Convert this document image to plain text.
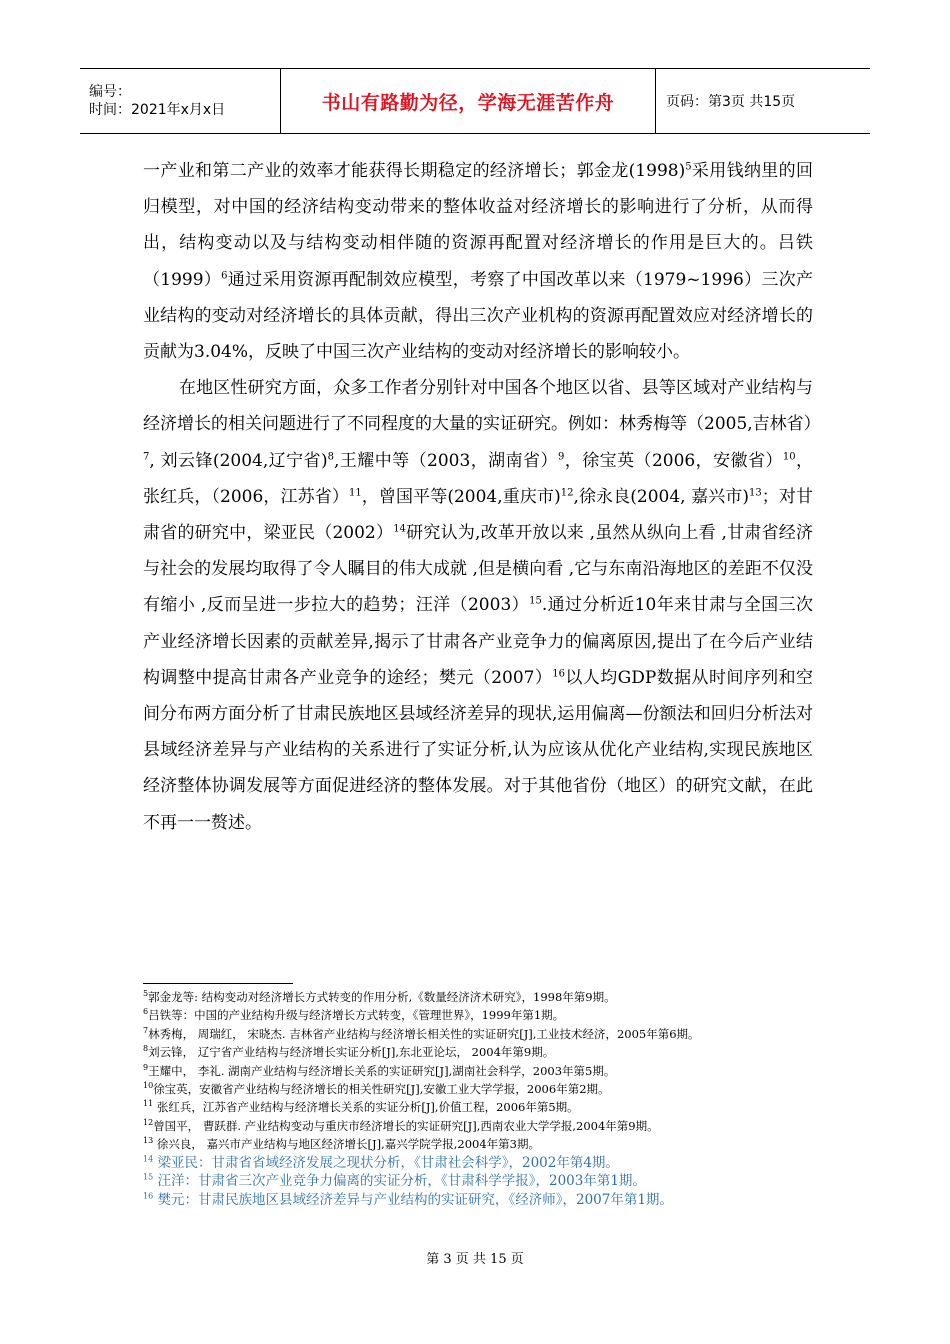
编号：
时间：2021年x月x日	书山有路勤为径，学海无涯苦作舟	页码：第3页 共15页

一产业和第二产业的效率才能获得长期稳定的经济增长；郭金龙$(1998)^5$采用钱纳里的回归模型，对中国的经济结构变动带来的整体收益对经济增长的影响进行了分析，从而得出，结构变动以及与结构变动相伴随的资源再配置对经济增长的作用是巨大的。吕铁$(1999)^6$通过采用资源再配制效应模型，考察了中国改革以来（1979~1996）三次产业结构的变动对经济增长的具体贡献，得出三次产业机构的资源再配置效应对经济增长的贡献为3.04%，反映了中国三次产业结构的变动对经济增长的影响较小。

在地区性研究方面，众多工作者分别针对中国各个地区以省、县等区域对产业结构与经济增长的相关问题进行了不同程度的大量的实证研究。例如：林秀梅等（2005,吉林省）$^7$, 刘云锋(2004,辽宁省)$^8$,王耀中等（2003，湖南省）$^9$，徐宝英（2006，安徽省）$^{10}$，张红兵，（2006，江苏省）$^{11}$，曾国平等(2004,重庆市)$^{12}$,徐永良(2004, 嘉兴市)$^{13}$；对甘肃省的研究中，梁亚民$(2002)^{14}$研究认为,改革开放以来 ,虽然从纵向上看 ,甘肃省经济与社会的发展均取得了令人瞩目的伟大成就 ,但是横向看 ,它与东南沿海地区的差距不仅没有缩小 ,反而呈进一步拉大的趋势；汪洋$(2003)^{15}$.通过分析近10年来甘肃与全国三次产业经济增长因素的贡献差异,揭示了甘肃各产业竞争力的偏离原因,提出了在今后产业结构调整中提高甘肃各产业竞争的途经；樊元$(2007)^{16}$以人均GDP数据从时间序列和空间分布两方面分析了甘肃民族地区县域经济差异的现状,运用偏离—份额法和回归分析法对县域经济差异与产业结构的关系进行了实证分析,认为应该从优化产业结构,实现民族地区经济整体协调发展等方面促进经济的整体发展。对于其他省份（地区）的研究文献，在此不再一一赘述。

$^5$郭金龙等: 结构变动对经济增长方式转变的作用分析,《数量经济济术研究》，1998年第9期。

$^6$吕铁等：中国的产业结构升级与经济增长方式转变，《管理世界》，1999年第1期。

$^7$林秀梅， 周瑞红， 宋晓杰. 吉林省产业结构与经济增长相关性的实证研究[J],工业技术经济，2005年第6期。

$^8$刘云锋， 辽宁省产业结构与经济增长实证分析[J],东北亚论坛， 2004年第9期。

$^9$王耀中， 李礼. 湖南产业结构与经济增长关系的实证研究[J],湖南社会科学，2003年第5期。

$^{10}$徐宝英，安徽省产业结构与经济增长的相关性研究[J],安徽工业大学学报，2006年第2期。

$^{11}$ 张红兵，江苏省产业结构与经济增长关系的实证分析[J],价值工程，2006年第5期。

$^{12}$曾国平， 曹跃群. 产业结构变动与重庆市经济增长的实证研究[J],西南农业大学学报,2004年第9期。

$^{13}$ 徐兴良， 嘉兴市产业结构与地区经济增长[J],嘉兴学院学报,2004年第3期。

$^{14}$ 梁亚民：甘肃省省域经济发展之现状分析，《甘肃社会科学》，2002年第4期。

$^{15}$ 汪洋：甘肃省三次产业竞争力偏离的实证分析，《甘肃科学学报》，2003年第1期。

$^{16}$ 樊元：甘肃民族地区县域经济差异与产业结构的实证研究，《经济师》，2007年第1期。

第 3 页 共 15 页
